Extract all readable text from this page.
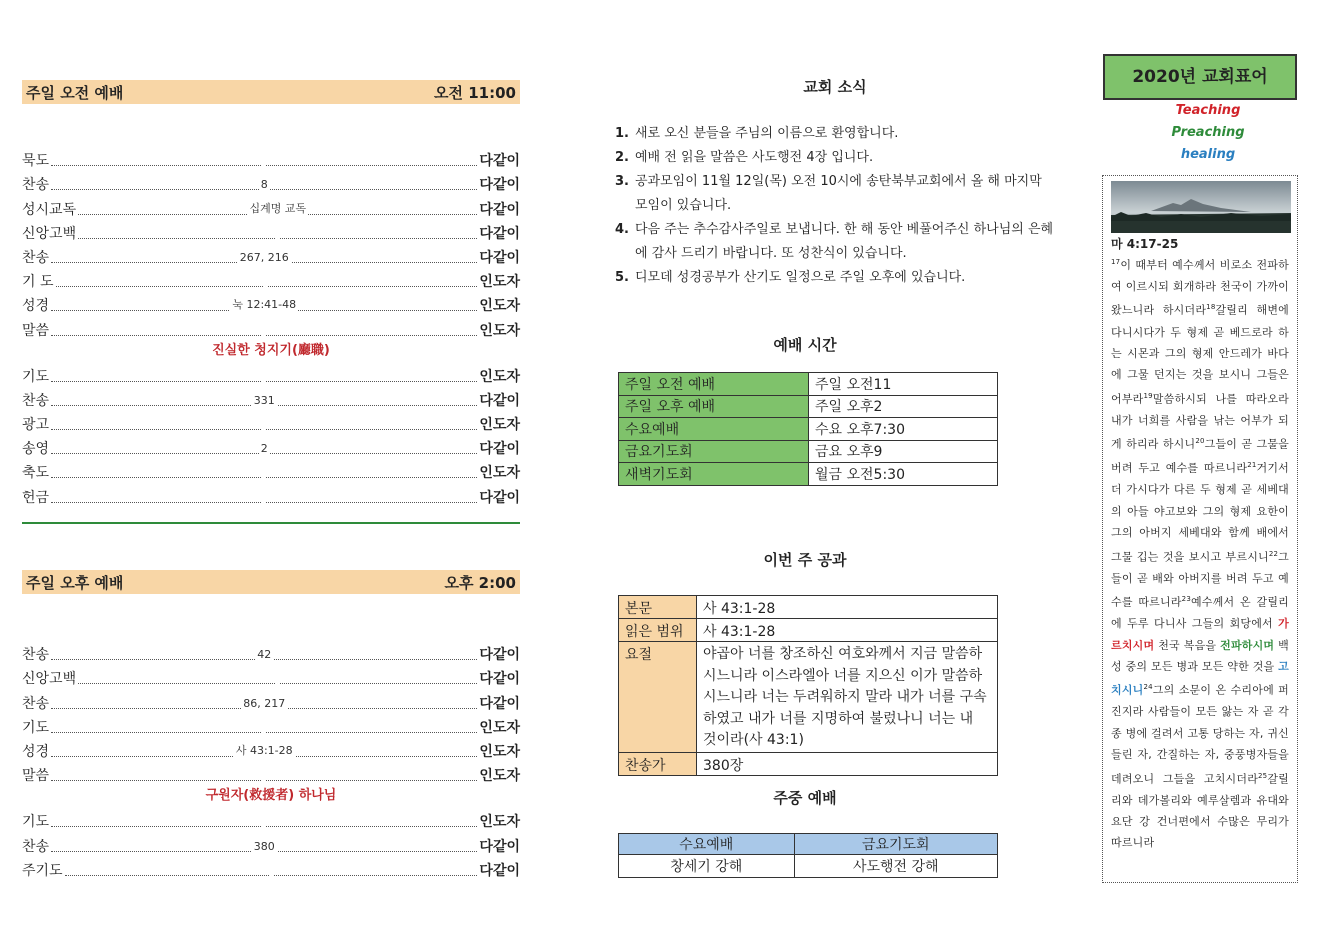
주일 오전 예배	오전 11:00
묵도	다같이
찬송	8	다같이
성시교독	십계명 교독	다같이
신앙고백	다같이
찬송	267, 216	다같이
기 도	인도자
성경	눅 12:41-48	인도자
말씀	인도자
진실한 청지기(廳職)
기도	인도자
찬송	331	다같이
광고	인도자
송영	2	다같이
축도	인도자
헌금	다같이
주일 오후 예배	오후 2:00
찬송	42	다같이
신앙고백	다같이
찬송	86, 217	다같이
기도	인도자
성경	사 43:1-28	인도자
말씀	인도자
구원자(救援者) 하나님
기도	인도자
찬송	380	다같이
주기도	다같이
교회 소식
1. 새로 오신 분들을 주님의 이름으로 환영합니다.
2. 예배 전 읽을 말씀은 사도행전 4장 입니다.
3. 공과모임이 11월 12일(목) 오전 10시에 송탄북부교회에서 올 해 마지막 모임이 있습니다.
4. 다음 주는 추수감사주일로 보냅니다. 한 해 동안 베풀어주신 하나님의 은혜에 감사 드리기 바랍니다. 또 성찬식이 있습니다.
5. 디모데 성경공부가 산기도 일정으로 주일 오후에 있습니다.
예배 시간
주일 오전 예배	주일 오전11
주일 오후 예배	주일 오후2
수요예배	수요 오후7:30
금요기도회	금요 오후9
새벽기도회	월금 오전5:30
이번 주 공과
본문	사 43:1-28
읽은 범위	사 43:1-28
요절	야곱아 너를 창조하신 여호와께서 지금 말씀하시느니라 이스라엘아 너를 지으신 이가 말씀하시느니라 너는 두려워하지 말라 내가 너를 구속하였고 내가 너를 지명하여 불렀나니 너는 내 것이라(사 43:1)
찬송가	380장
주중 예배
수요예배	금요기도회
창세기 강해	사도행전 강해
2020년 교회표어
Teaching
Preaching
healing
마 4:17-25
$^{17}$이 때부터 예수께서 비로소 전파하여 이르시되 회개하라 천국이 가까이 왔느니라 하시더라$^{18}$갈릴리 해변에 다니시다가 두 형제 곧 베드로라 하는 시몬과 그의 형제 안드레가 바다에 그물 던지는 것을 보시니 그들은 어부라$^{19}$말씀하시되 나를 따라오라 내가 너희를 사람을 낚는 어부가 되게 하리라 하시니$^{20}$그들이 곧 그물을 버려 두고 예수를 따르니라$^{21}$거기서 더 가시다가 다른 두 형제 곧 세베대의 아들 야고보와 그의 형제 요한이 그의 아버지 세베대와 함께 배에서 그물 깁는 것을 보시고 부르시니$^{22}$그들이 곧 배와 아버지를 버려 두고 예수를 따르니라$^{23}$예수께서 온 갈릴리에 두루 다니사 그들의 회당에서 가르치시며 천국 복음을 전파하시며 백성 중의 모든 병과 모든 약한 것을 고치시니$^{24}$그의 소문이 온 수리아에 퍼진지라 사람들이 모든 앓는 자 곧 각종 병에 걸려서 고통 당하는 자, 귀신 들린 자, 간질하는 자, 중풍병자들을 데려오니 그들을 고치시더라$^{25}$갈릴리와 데가볼리와 예루살렘과 유대와 요단 강 건너편에서 수많은 무리가 따르니라
